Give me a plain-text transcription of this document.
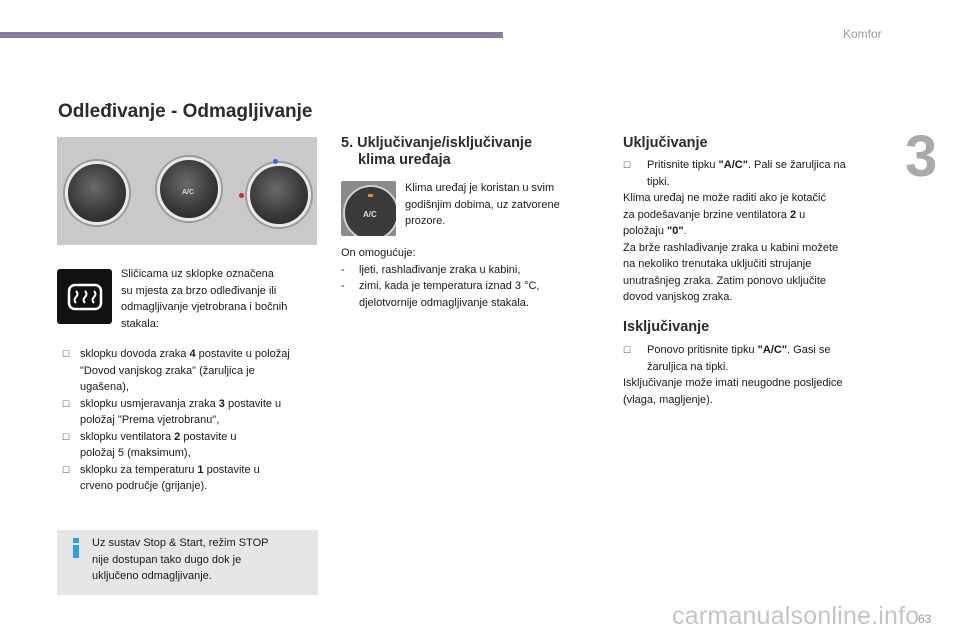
Komfor
3
63
Odleđivanje - Odmagljivanje
A/C
Sličicama uz sklopke označena
su mjesta za brzo odleđivanje ili
odmagljivanje vjetrobrana i bočnih
stakala:
☐ sklopku dovoda zraka 4 postavite u položaj
"Dovod vanjskog zraka" (žaruljica je
ugašena),
☐ sklopku usmjeravanja zraka 3 postavite u
položaj "Prema vjetrobranu",
☐ sklopku ventilatora 2 postavite u
položaj 5 (maksimum),
☐ sklopku za temperaturu 1 postavite u
crveno područje (grijanje).
Uz sustav Stop & Start, režim STOP
nije dostupan tako dugo dok je
uključeno odmagljivanje.
5. Uključivanje/isključivanje
klima uređaja
A/C
Klima uređaj je koristan u svim
godišnjim dobima, uz zatvorene
prozore.
On omogućuje:
-	ljeti, rashlađivanje zraka u kabini,
-	zimi, kada je temperatura iznad 3 °C,
djelotvornije odmagljivanje stakala.
Uključivanje
☐	Pritisnite tipku "A/C". Pali se žaruljica na
tipki.
Klima uređaj ne može raditi ako je kotačić
za podešavanje brzine ventilatora 2 u
položaju "0".
Za brže rashlađivanje zraka u kabini možete
na nekoliko trenutaka uključiti strujanje
unutrašnjeg zraka. Zatim ponovo uključite
dovod vanjskog zraka.
Isključivanje
☐	Ponovo pritisnite tipku "A/C". Gasi se
žaruljica na tipki.
Isključivanje može imati neugodne posljedice
(vlaga, magljenje).
carmanualsonline.info
